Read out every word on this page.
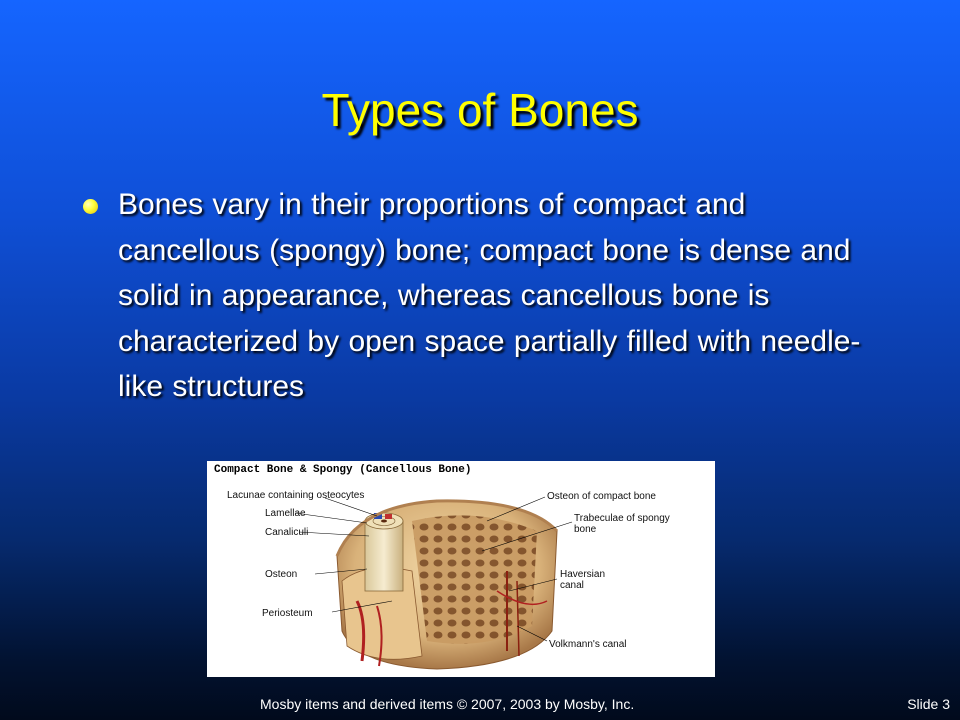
Types of Bones
Bones vary in their proportions of compact and cancellous (spongy) bone; compact bone is dense and solid in appearance, whereas cancellous bone is characterized by open space partially filled with needle-like structures
Compact Bone & Spongy (Cancellous Bone)
Lacunae containing osteocytes
Lamellae
Canaliculi
Osteon
Periosteum
Osteon of compact bone
Trabeculae of spongy
bone
Haversian
canal
Volkmann's canal
Mosby items and derived items © 2007, 2003 by Mosby, Inc.	Slide 3
